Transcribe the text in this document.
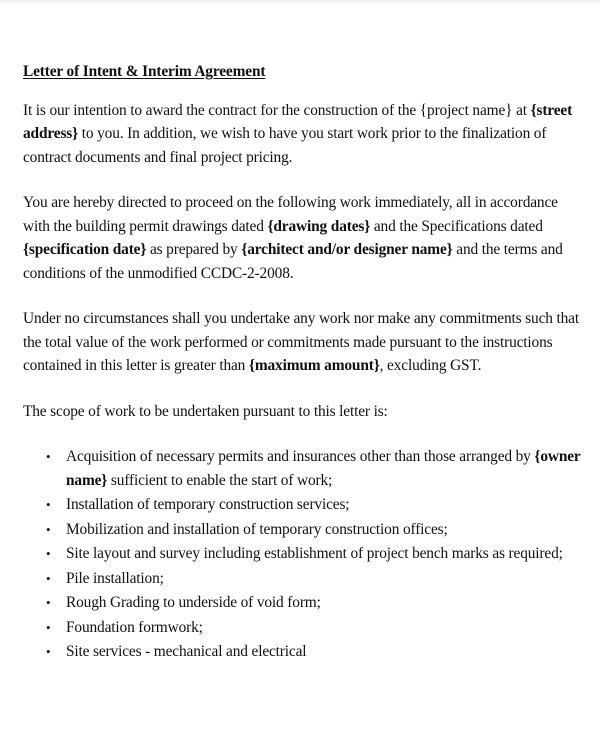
Letter of Intent & Interim Agreement

It is our intention to award the contract for the construction of the {project name} at {street address} to you. In addition, we wish to have you start work prior to the finalization of contract documents and final project pricing.

You are hereby directed to proceed on the following work immediately, all in accordance with the building permit drawings dated {drawing dates} and the Specifications dated {specification date} as prepared by {architect and/or designer name} and the terms and conditions of the unmodified CCDC-2-2008.

Under no circumstances shall you undertake any work nor make any commitments such that the total value of the work performed or commitments made pursuant to the instructions contained in this letter is greater than {maximum amount}, excluding GST.

The scope of work to be undertaken pursuant to this letter is:

• Acquisition of necessary permits and insurances other than those arranged by {owner name} sufficient to enable the start of work;
• Installation of temporary construction services;
• Mobilization and installation of temporary construction offices;
• Site layout and survey including establishment of project bench marks as required;
• Pile installation;
• Rough Grading to underside of void form;
• Foundation formwork;
• Site services - mechanical and electrical
